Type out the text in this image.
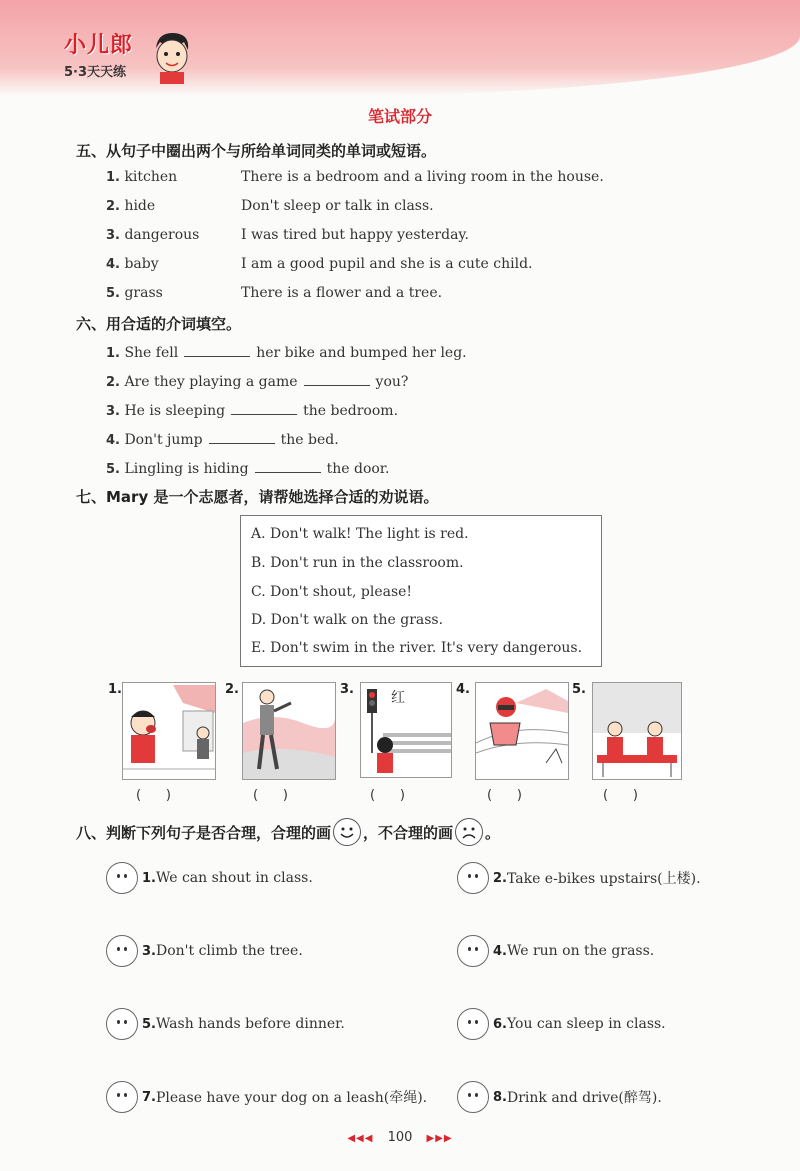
小儿郎
5·3天天练
笔试部分
五、从句子中圈出两个与所给单词同类的单词或短语。
1. kitchen	There is a bedroom and a living room in the house.
2. hide	Don't sleep or talk in class.
3. dangerous	I was tired but happy yesterday.
4. baby	I am a good pupil and she is a cute child.
5. grass	There is a flower and a tree.
六、用合适的介词填空。
1. She fell	her bike and bumped her leg.
2. Are they playing a game	you?
3. He is sleeping	the bedroom.
4. Don't jump	the bed.
5. Lingling is hiding	the door.
七、Mary 是一个志愿者，请帮她选择合适的劝说语。
A. Don't walk! The light is red.
B. Don't run in the classroom.
C. Don't shout, please!
D. Don't walk on the grass.
E. Don't swim in the river. It's very dangerous.
1.
(      )
2.
(      )
3.
红
(      )
4.
(      )
5.
(      )
八、判断下列句子是否合理，合理的画 ，不合理的画 。
1. We can shout in class.	2. Take e-bikes upstairs(上楼).
3. Don't climb the tree.	4. We run on the grass.
5. Wash hands before dinner.	6. You can sleep in class.
7. Please have your dog on a leash(牵绳).	8. Drink and drive(醉驾).
◀◀◀ 100 ▶▶▶
